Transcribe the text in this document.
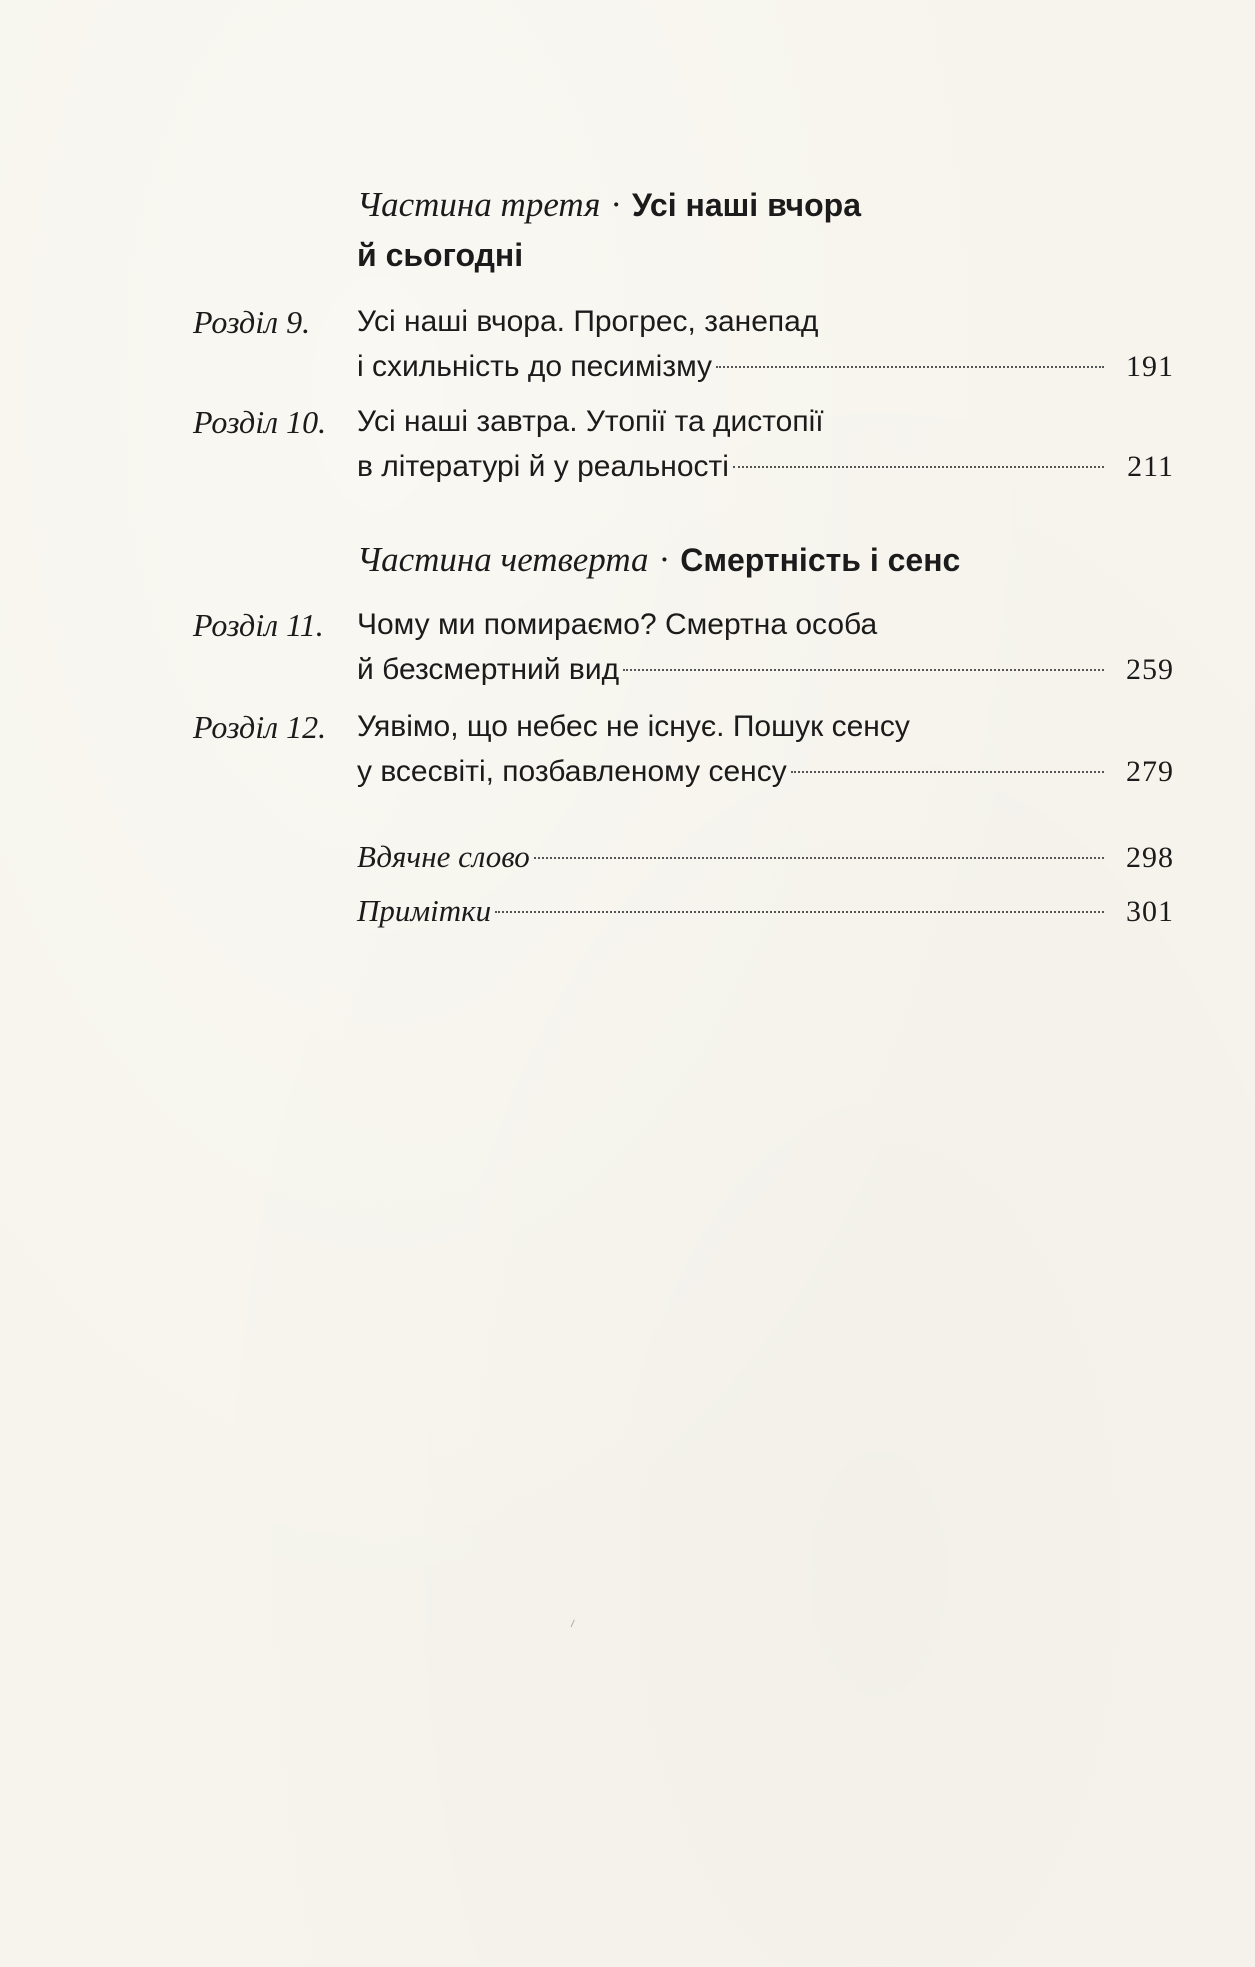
Частина третя · Усі наші вчора
й сьогодні
Розділ 9. Усі наші вчора. Прогрес, занепад
і схильність до песимізму	191
Розділ 10. Усі наші завтра. Утопії та дистопії
в літературі й у реальності	211
Частина четверта · Смертність і сенс
Розділ 11. Чому ми помираємо? Смертна особа
й безсмертний вид	259
Розділ 12. Уявімо, що небес не існує. Пошук сенсу
у всесвіті, позбавленому сенсу	279
Вдячне слово	298
Примітки	301
